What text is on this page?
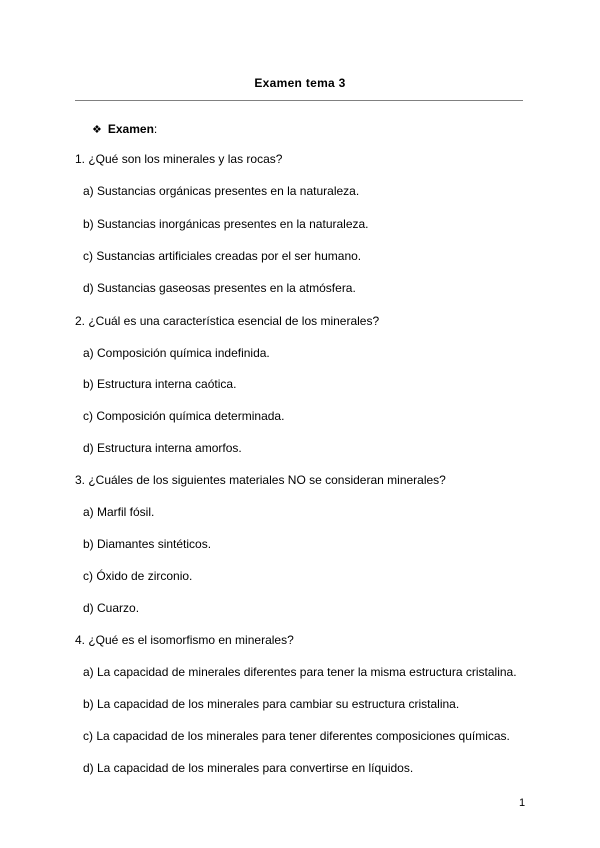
Examen tema 3
❖ Examen:
1. ¿Qué son los minerales y las rocas?
a) Sustancias orgánicas presentes en la naturaleza.
b) Sustancias inorgánicas presentes en la naturaleza.
c) Sustancias artificiales creadas por el ser humano.
d) Sustancias gaseosas presentes en la atmósfera.
2. ¿Cuál es una característica esencial de los minerales?
a) Composición química indefinida.
b) Estructura interna caótica.
c) Composición química determinada.
d) Estructura interna amorfos.
3. ¿Cuáles de los siguientes materiales NO se consideran minerales?
a) Marfil fósil.
b) Diamantes sintéticos.
c) Óxido de zirconio.
d) Cuarzo.
4. ¿Qué es el isomorfismo en minerales?
a) La capacidad de minerales diferentes para tener la misma estructura cristalina.
b) La capacidad de los minerales para cambiar su estructura cristalina.
c) La capacidad de los minerales para tener diferentes composiciones químicas.
d) La capacidad de los minerales para convertirse en líquidos.
1
